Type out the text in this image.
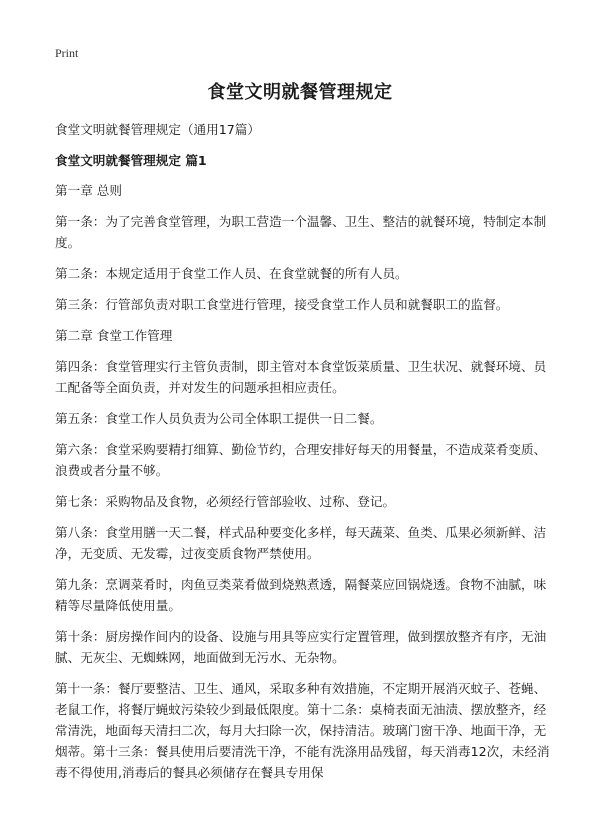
Print
食堂文明就餐管理规定

食堂文明就餐管理规定（通用17篇）

食堂文明就餐管理规定 篇1

第一章 总则

第一条：为了完善食堂管理，为职工营造一个温馨、卫生、整洁的就餐环境，特制定本制度。

第二条：本规定适用于食堂工作人员、在食堂就餐的所有人员。

第三条：行管部负责对职工食堂进行管理，接受食堂工作人员和就餐职工的监督。

第二章 食堂工作管理

第四条：食堂管理实行主管负责制，即主管对本食堂饭菜质量、卫生状况、就餐环境、员工配备等全面负责，并对发生的问题承担相应责任。

第五条：食堂工作人员负责为公司全体职工提供一日二餐。

第六条：食堂采购要精打细算、勤俭节约，合理安排好每天的用餐量，不造成菜肴变质、浪费或者分量不够。

第七条：采购物品及食物，必须经行管部验收、过称、登记。

第八条：食堂用膳一天二餐，样式品种要变化多样，每天蔬菜、鱼类、瓜果必须新鲜、洁净，无变质、无发霉，过夜变质食物严禁使用。

第九条：烹调菜肴时，肉鱼豆类菜肴做到烧熟煮透，隔餐菜应回锅烧透。食物不油腻，味精等尽量降低使用量。

第十条：厨房操作间内的设备、设施与用具等应实行定置管理，做到摆放整齐有序，无油腻、无灰尘、无蜘蛛网，地面做到无污水、无杂物。

第十一条：餐厅要整洁、卫生、通风，采取多种有效措施，不定期开展消灭蚊子、苍蝇、老鼠工作，将餐厅蝇蚊污染较少到最低限度。第十二条：桌椅表面无油渍、摆放整齐，经常清洗，地面每天清扫二次，每月大扫除一次，保持清洁。玻璃门窗干净、地面干净，无烟蒂。第十三条：餐具使用后要清洗干净，不能有洗涤用品残留，每天消毒12次，未经消毒不得使用,消毒后的餐具必须储存在餐具专用保
